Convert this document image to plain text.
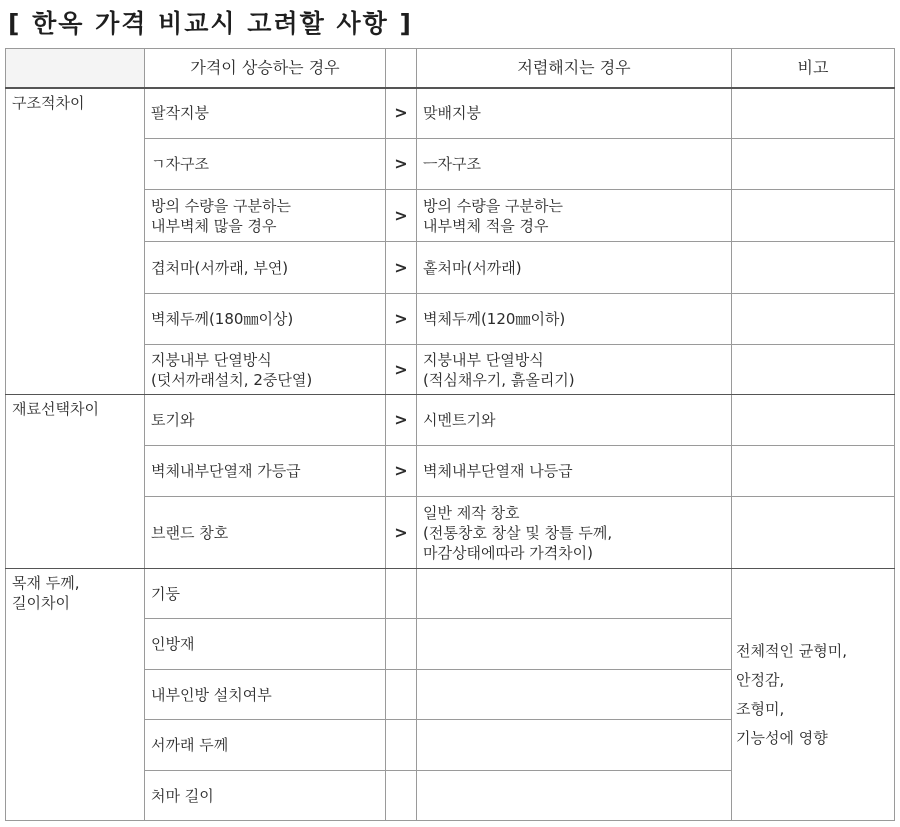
[ 한옥 가격 비교시 고려할 사항 ]
	가격이 상승하는 경우		저렴해지는 경우	비고
구조적차이	팔작지붕	>	맞배지붕	

	ㄱ자구조	>	ㅡ자구조	

	방의 수량을 구분하는
내부벽체 많을 경우	>	방의 수량을 구분하는
내부벽체 적을 경우	

	겹처마(서까래, 부연)	>	홑처마(서까래)	

	벽체두께(180㎜이상)	>	벽체두께(120㎜이하)	

	지붕내부 단열방식
(덧서까래설치, 2중단열)	>	지붕내부 단열방식
(적심채우기, 흙올리기)	

재료선택차이	토기와	>	시멘트기와	

	벽체내부단열재 가등급	>	벽체내부단열재 나등급	

	브랜드 창호	>	일반 제작 창호
(전통창호 창살 및 창틀 두께,
마감상태에따라 가격차이)	

목재 두께,
길이차이	기둥			전체적인 균형미,
안정감,
조형미,
기능성에 영향

	인방재			

	내부인방 설치여부			

	서까래 두께			

	처마 길이			
